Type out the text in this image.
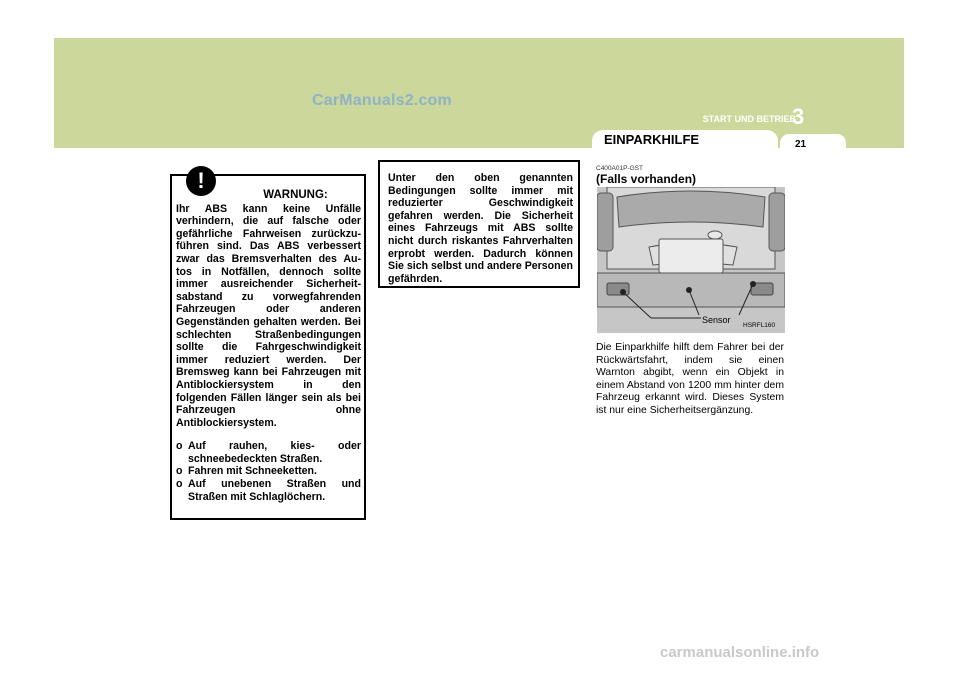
CarManuals2.com
START UND BETRIEB
3
EINPARKHILFE	21
WARNUNG:

Ihr ABS kann keine Unfälle verhindern, die auf falsche oder gefährliche Fahrweisen zurückzu-führen sind. Das ABS verbessert zwar das Bremsverhalten des Au-tos in Notfällen, dennoch sollte immer ausreichender Sicherheit-sabstand zu vorwegfahrenden Fahrzeugen oder anderen Gegenständen gehalten werden. Bei schlechten Straßenbedingungen sollte die Fahrgeschwindigkeit immer reduziert werden. Der Bremsweg kann bei Fahrzeugen mit Antiblockiersystem in den folgenden Fällen länger sein als bei Fahrzeugen ohne Antiblockiersystem.

o Auf rauhen, kies- oder schneebedeckten Straßen.
o Fahren mit Schneeketten.
o Auf unebenen Straßen und Straßen mit Schlaglöchern.
!	Unter den oben genannten Bedingungen sollte immer mit reduzierter Geschwindigkeit gefahren werden. Die Sicherheit eines Fahrzeugs mit ABS sollte nicht durch riskantes Fahrverhalten erprobt werden. Dadurch können Sie sich selbst und andere Personen gefährden.
C400A01P-GST
(Falls vorhanden)
Sensor
HSRFL160

Die Einparkhilfe hilft dem Fahrer bei der Rückwärtsfahrt, indem sie einen Warnton abgibt, wenn ein Objekt in einem Abstand von 1200 mm hinter dem Fahrzeug erkannt wird. Dieses System ist nur eine Sicherheitsergänzung.

carmanualsonline.info
